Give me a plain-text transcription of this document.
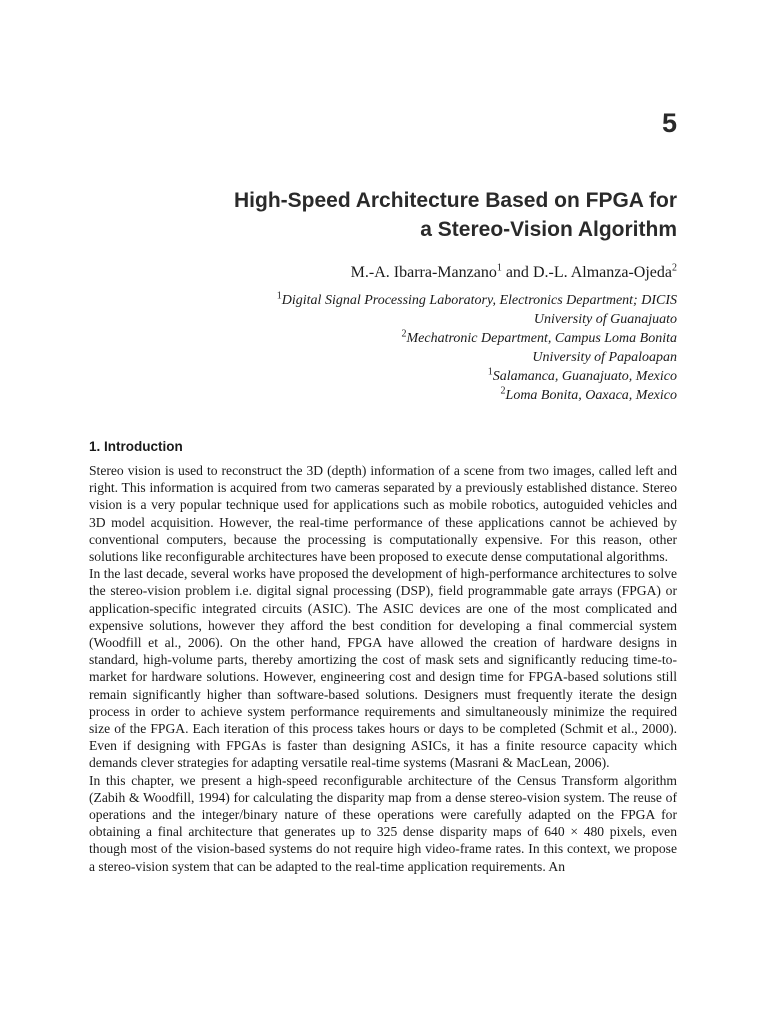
5
High-Speed Architecture Based on FPGA for
a Stereo-Vision Algorithm
M.-A. Ibarra-Manzano$^1$ and D.-L. Almanza-Ojeda$^2$
$^1$Digital Signal Processing Laboratory, Electronics Department; DICIS
University of Guanajuato
$^2$Mechatronic Department, Campus Loma Bonita
University of Papaloapan
$^1$Salamanca, Guanajuato, Mexico
$^2$Loma Bonita, Oaxaca, Mexico
1. Introduction

Stereo vision is used to reconstruct the 3D (depth) information of a scene from two images, called left and right. This information is acquired from two cameras separated by a previously established distance. Stereo vision is a very popular technique used for applications such as mobile robotics, autoguided vehicles and 3D model acquisition. However, the real-time performance of these applications cannot be achieved by conventional computers, because the processing is computationally expensive. For this reason, other solutions like reconfigurable architectures have been proposed to execute dense computational algorithms.

In the last decade, several works have proposed the development of high-performance architectures to solve the stereo-vision problem i.e. digital signal processing (DSP), field programmable gate arrays (FPGA) or application-specific integrated circuits (ASIC). The ASIC devices are one of the most complicated and expensive solutions, however they afford the best condition for developing a final commercial system (Woodfill et al., 2006). On the other hand, FPGA have allowed the creation of hardware designs in standard, high-volume parts, thereby amortizing the cost of mask sets and significantly reducing time-to-market for hardware solutions. However, engineering cost and design time for FPGA-based solutions still remain significantly higher than software-based solutions. Designers must frequently iterate the design process in order to achieve system performance requirements and simultaneously minimize the required size of the FPGA. Each iteration of this process takes hours or days to be completed (Schmit et al., 2000). Even if designing with FPGAs is faster than designing ASICs, it has a finite resource capacity which demands clever strategies for adapting versatile real-time systems (Masrani & MacLean, 2006).

In this chapter, we present a high-speed reconfigurable architecture of the Census Transform algorithm (Zabih & Woodfill, 1994) for calculating the disparity map from a dense stereo-vision system. The reuse of operations and the integer/binary nature of these operations were carefully adapted on the FPGA for obtaining a final architecture that generates up to 325 dense disparity maps of 640 × 480 pixels, even though most of the vision-based systems do not require high video-frame rates. In this context, we propose a stereo-vision system that can be adapted to the real-time application requirements. An
